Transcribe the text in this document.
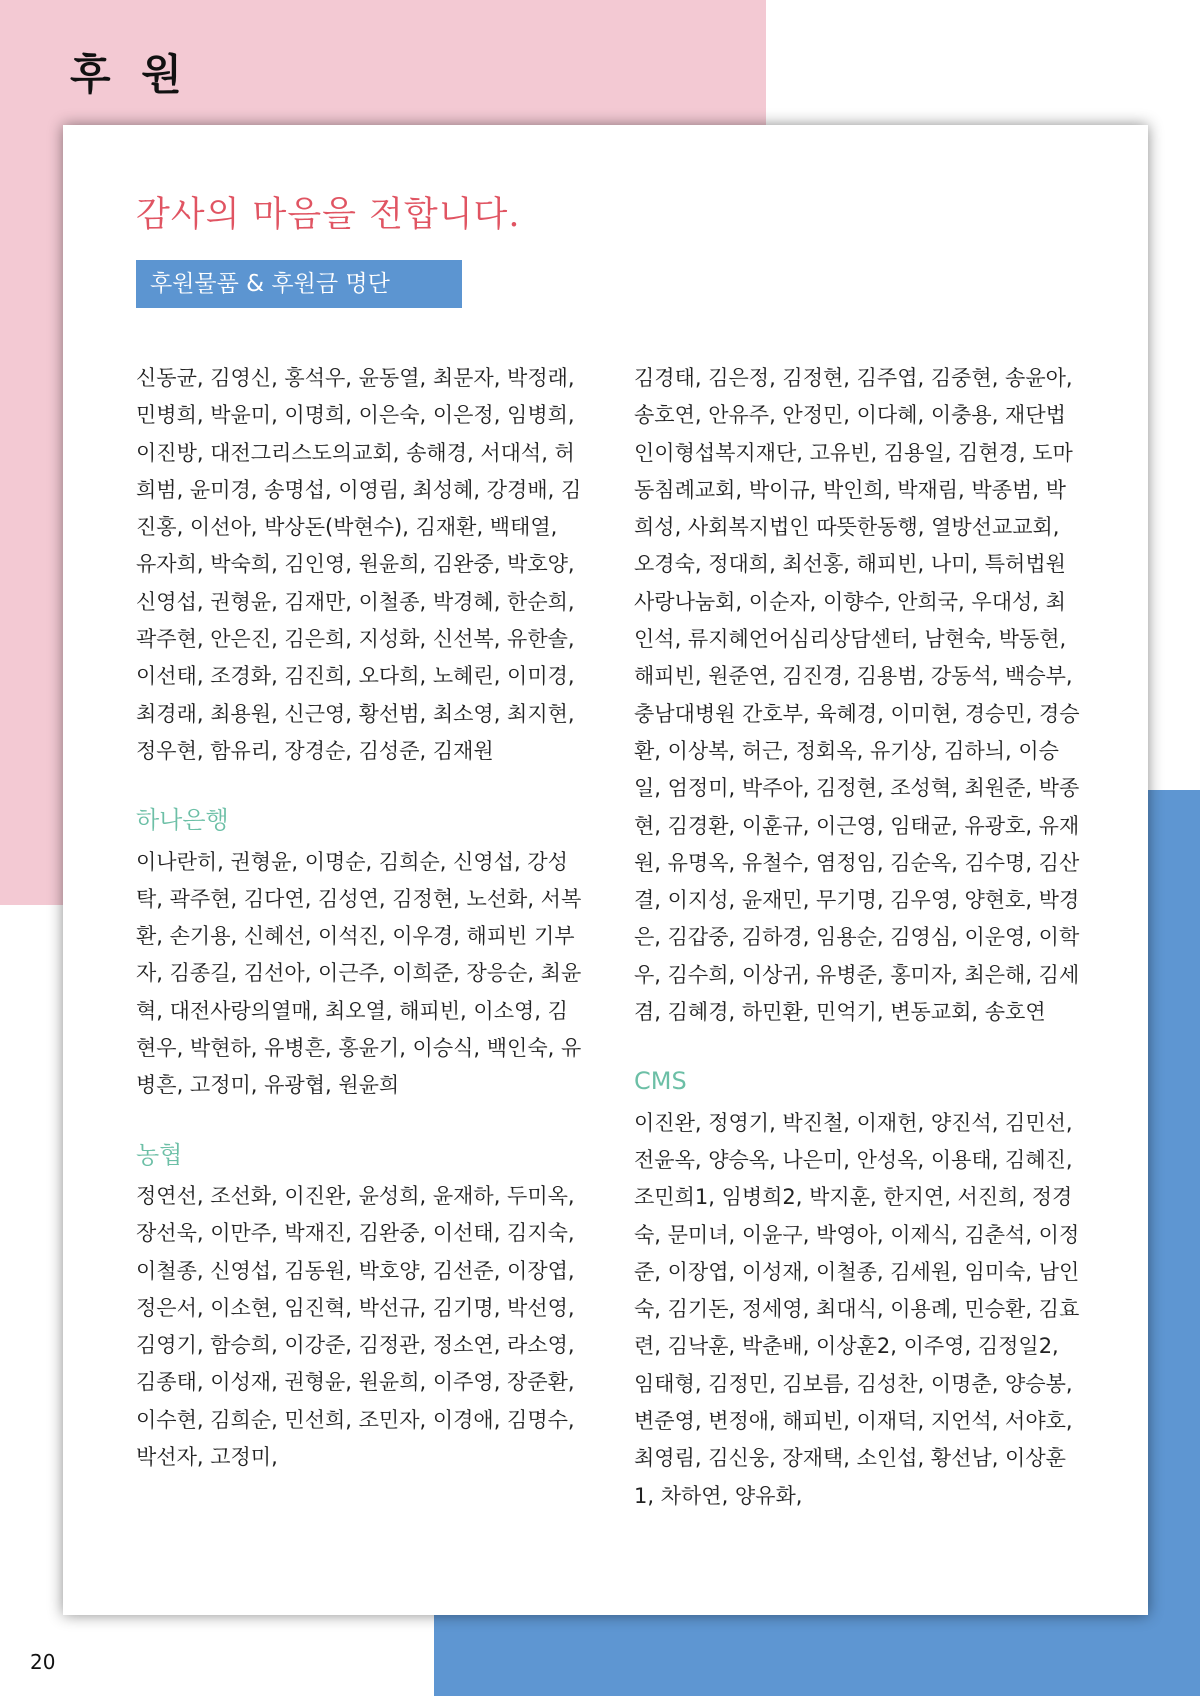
후 원
감사의 마음을 전합니다.
후원물품 & 후원금 명단

신동균, 김영신, 홍석우, 윤동열, 최문자, 박정래, 민병희, 박윤미, 이명희, 이은숙, 이은정, 임병희, 이진방, 대전그리스도의교회, 송해경, 서대석, 허희범, 윤미경, 송명섭, 이영림, 최성혜, 강경배, 김진홍, 이선아, 박상돈(박현수), 김재환, 백태열, 유자희, 박숙희, 김인영, 원윤희, 김완중, 박호양, 신영섭, 권형윤, 김재만, 이철종, 박경혜, 한순희, 곽주현, 안은진, 김은희, 지성화, 신선복, 유한솔, 이선태, 조경화, 김진희, 오다희, 노혜린, 이미경, 최경래, 최용원, 신근영, 황선범, 최소영, 최지현, 정우현, 함유리, 장경순, 김성준, 김재원

하나은행

이나란히, 권형윤, 이명순, 김희순, 신영섭, 강성탁, 곽주현, 김다연, 김성연, 김정현, 노선화, 서복환, 손기용, 신혜선, 이석진, 이우경, 해피빈 기부자, 김종길, 김선아, 이근주, 이희준, 장응순, 최윤혁, 대전사랑의열매, 최오열, 해피빈, 이소영, 김현우, 박현하, 유병흔, 홍윤기, 이승식, 백인숙, 유병흔, 고정미, 유광협, 원윤희

농협

정연선, 조선화, 이진완, 윤성희, 윤재하, 두미옥, 장선욱, 이만주, 박재진, 김완중, 이선태, 김지숙, 이철종, 신영섭, 김동원, 박호양, 김선준, 이장엽, 정은서, 이소현, 임진혁, 박선규, 김기명, 박선영, 김영기, 함승희, 이강준, 김정관, 정소연, 라소영, 김종태, 이성재, 권형윤, 원윤희, 이주영, 장준환, 이수현, 김희순, 민선희, 조민자, 이경애, 김명수, 박선자, 고정미,

김경태, 김은정, 김정현, 김주엽, 김중현, 송윤아, 송호연, 안유주, 안정민, 이다혜, 이충용, 재단법인이형섭복지재단, 고유빈, 김용일, 김현경, 도마동침례교회, 박이규, 박인희, 박재림, 박종범, 박희성, 사회복지법인 따뜻한동행, 열방선교교회, 오경숙, 정대희, 최선홍, 해피빈, 나미, 특허법원사랑나눔회, 이순자, 이향수, 안희국, 우대성, 최인석, 류지혜언어심리상담센터, 남현숙, 박동현, 해피빈, 원준연, 김진경, 김용범, 강동석, 백승부, 충남대병원 간호부, 육혜경, 이미현, 경승민, 경승환, 이상복, 허근, 정회옥, 유기상, 김하늬, 이승일, 엄정미, 박주아, 김정현, 조성혁, 최원준, 박종현, 김경환, 이훈규, 이근영, 임태균, 유광호, 유재원, 유명옥, 유철수, 염정임, 김순옥, 김수명, 김산결, 이지성, 윤재민, 무기명, 김우영, 양현호, 박경은, 김갑중, 김하경, 임용순, 김영심, 이운영, 이학우, 김수희, 이상귀, 유병준, 홍미자, 최은해, 김세겸, 김혜경, 하민환, 민억기, 변동교회, 송호연

CMS

이진완, 정영기, 박진철, 이재헌, 양진석, 김민선, 전윤옥, 양승옥, 나은미, 안성옥, 이용태, 김혜진, 조민희1, 임병희2, 박지훈, 한지연, 서진희, 정경숙, 문미녀, 이윤구, 박영아, 이제식, 김춘석, 이정준, 이장엽, 이성재, 이철종, 김세원, 임미숙, 남인숙, 김기돈, 정세영, 최대식, 이용례, 민승환, 김효련, 김낙훈, 박춘배, 이상훈2, 이주영, 김정일2, 임태형, 김정민, 김보름, 김성찬, 이명춘, 양승봉, 변준영, 변정애, 해피빈, 이재덕, 지언석, 서야호, 최영림, 김신웅, 장재택, 소인섭, 황선남, 이상훈1, 차하연, 양유화,

20
